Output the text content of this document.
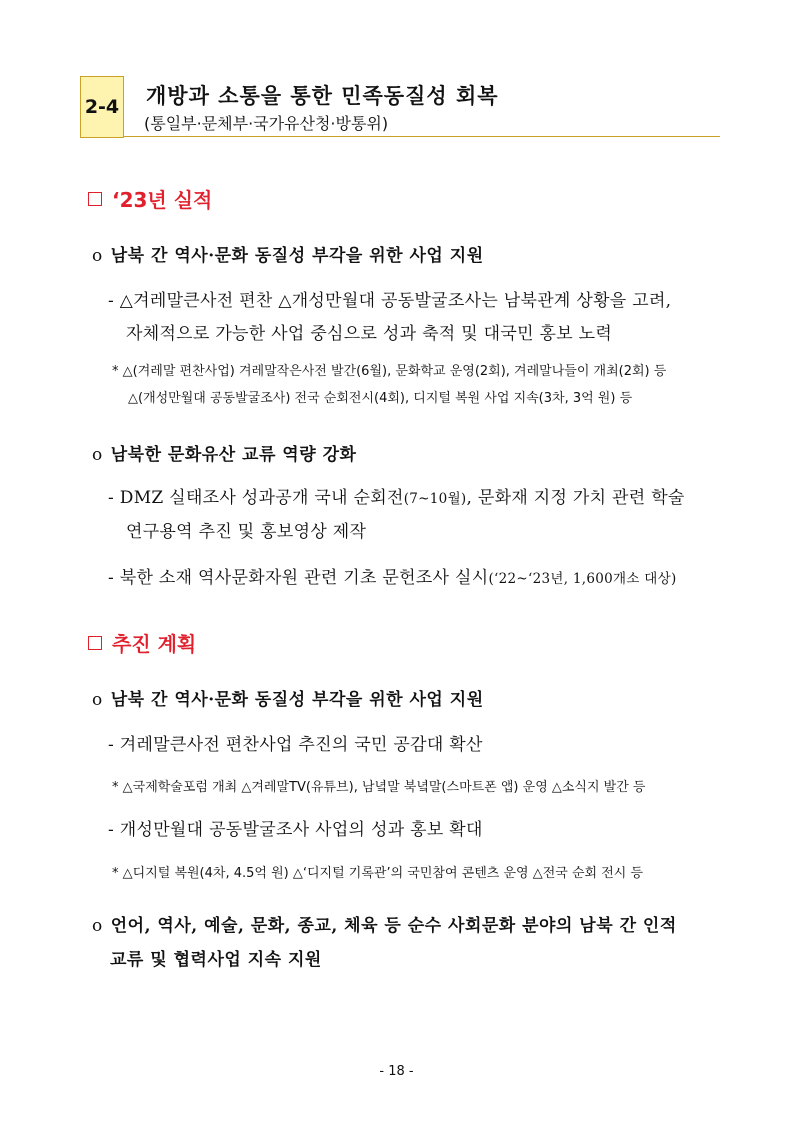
2-4 개방과 소통을 통한 민족동질성 회복
(통일부·문체부·국가유산청·방통위)
‘23년 실적
o 남북 간 역사·문화 동질성 부각을 위한 사업 지원
- △겨레말큰사전 편찬 △개성만월대 공동발굴조사는 남북관계 상황을 고려,
자체적으로 가능한 사업 중심으로 성과 축적 및 대국민 홍보 노력
* △(겨레말 편찬사업) 겨레말작은사전 발간(6월), 문화학교 운영(2회), 겨레말나들이 개최(2회) 등
△(개성만월대 공동발굴조사) 전국 순회전시(4회), 디지털 복원 사업 지속(3차, 3억 원) 등
o 남북한 문화유산 교류 역량 강화
- DMZ 실태조사 성과공개 국내 순회전(7~10월), 문화재 지정 가치 관련 학술
연구용역 추진 및 홍보영상 제작
- 북한 소재 역사문화자원 관련 기초 문헌조사 실시(‘22~‘23년, 1,600개소 대상)
추진 계획
o 남북 간 역사·문화 동질성 부각을 위한 사업 지원
- 겨레말큰사전 편찬사업 추진의 국민 공감대 확산
* △국제학술포럼 개최 △겨레말TV(유튜브), 남녘말 북녘말(스마트폰 앱) 운영 △소식지 발간 등
- 개성만월대 공동발굴조사 사업의 성과 홍보 확대
* △디지털 복원(4차, 4.5억 원) △‘디지털 기록관’의 국민참여 콘텐츠 운영 △전국 순회 전시 등
o 언어, 역사, 예술, 문화, 종교, 체육 등 순수 사회문화 분야의 남북 간 인적
교류 및 협력사업 지속 지원
- 18 -
